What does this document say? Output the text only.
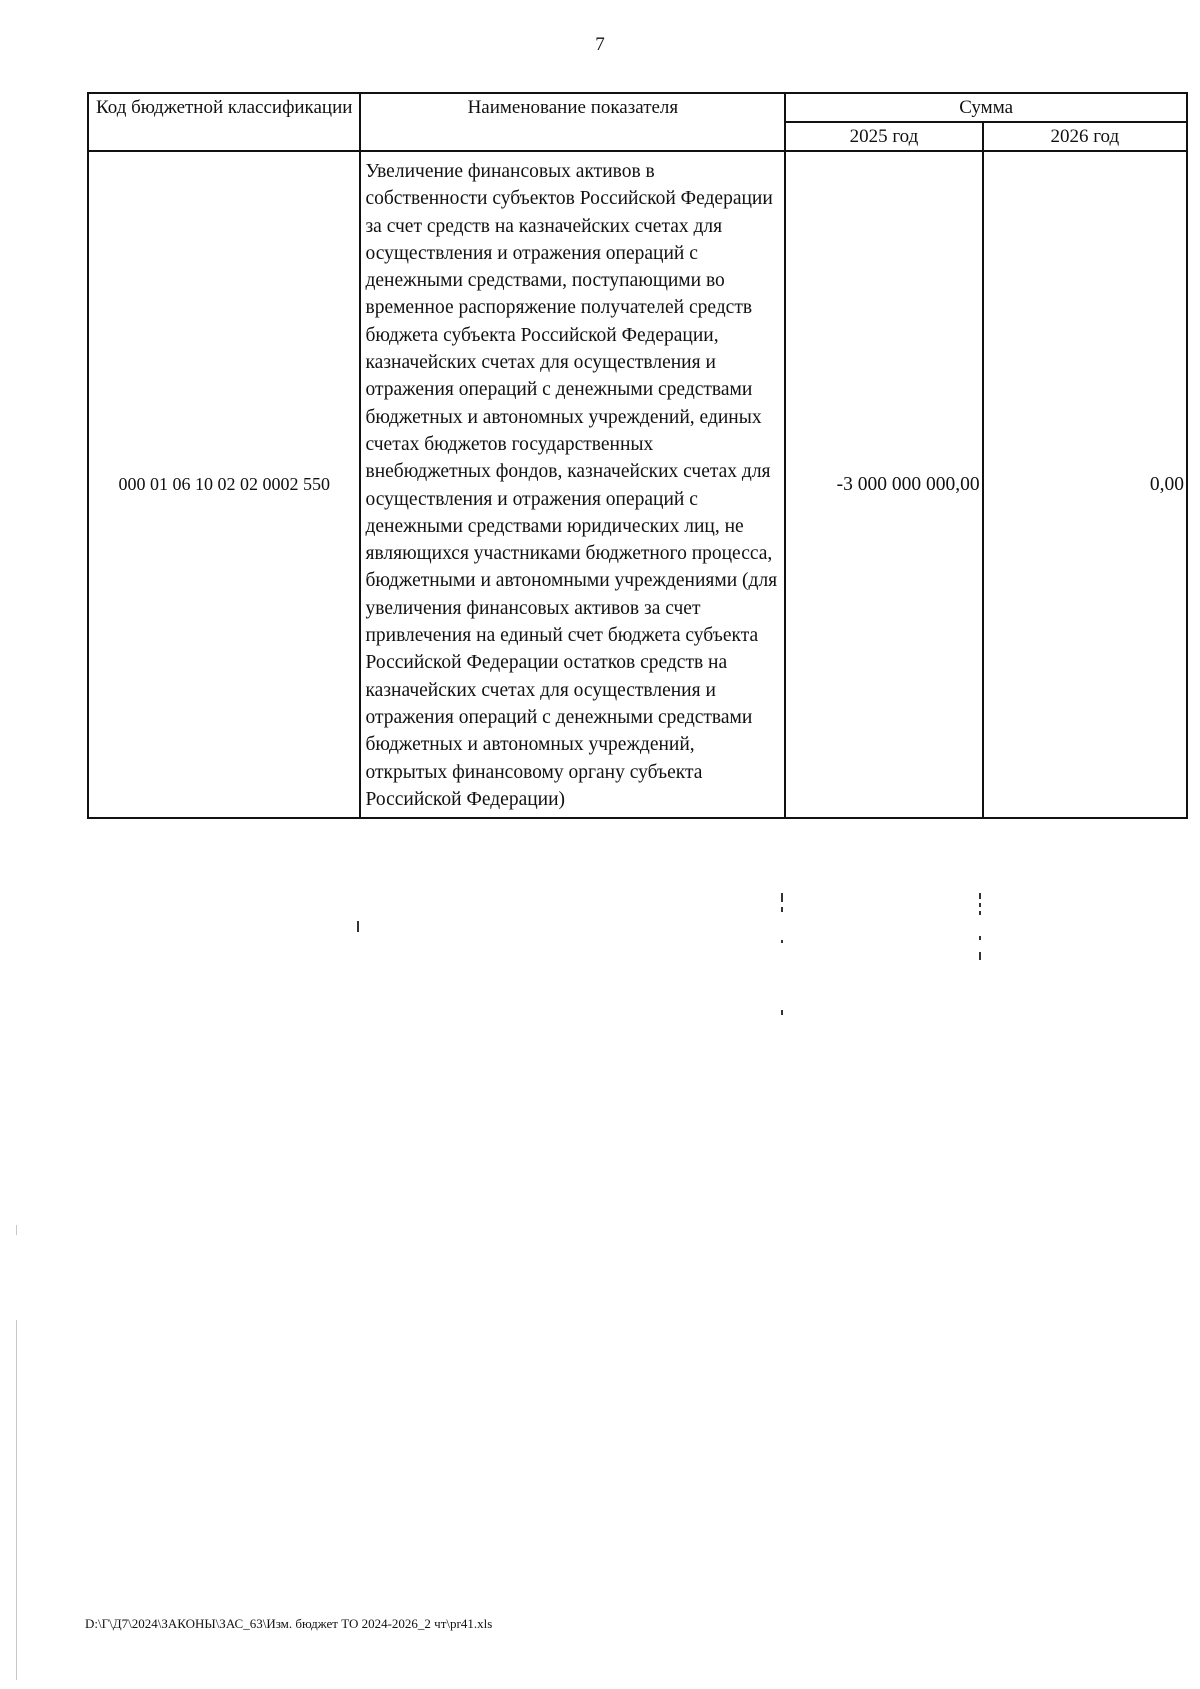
7
Код бюджетной классификации	Наименование показателя	Сумма	
		2025 год	2026 год
000 01 06 10 02 02 0002 550	Увеличение финансовых активов в собственности субъектов Российской Федерации за счет средств на казначейских счетах для осуществления и отражения операций с денежными средствами, поступающими во временное распоряжение получателей средств бюджета субъекта Российской Федерации, казначейских счетах для осуществления и отражения операций с денежными средствами бюджетных и автономных учреждений, единых счетах бюджетов государственных внебюджетных фондов, казначейских счетах для осуществления и отражения операций с денежными средствами юридических лиц, не являющихся участниками бюджетного процесса, бюджетными и автономными учреждениями (для увеличения финансовых активов за счет привлечения на единый счет бюджета субъекта Российской Федерации остатков средств на казначейских счетах для осуществления и отражения операций с денежными средствами бюджетных и автономных учреждений, открытых финансовому органу субъекта Российской Федерации)	-3 000 000 000,00	0,00
D:\Г\Д7\2024\ЗАКОНЫ\ЗАС_63\Изм. бюджет ТО 2024-2026_2 чт\pr41.xls
